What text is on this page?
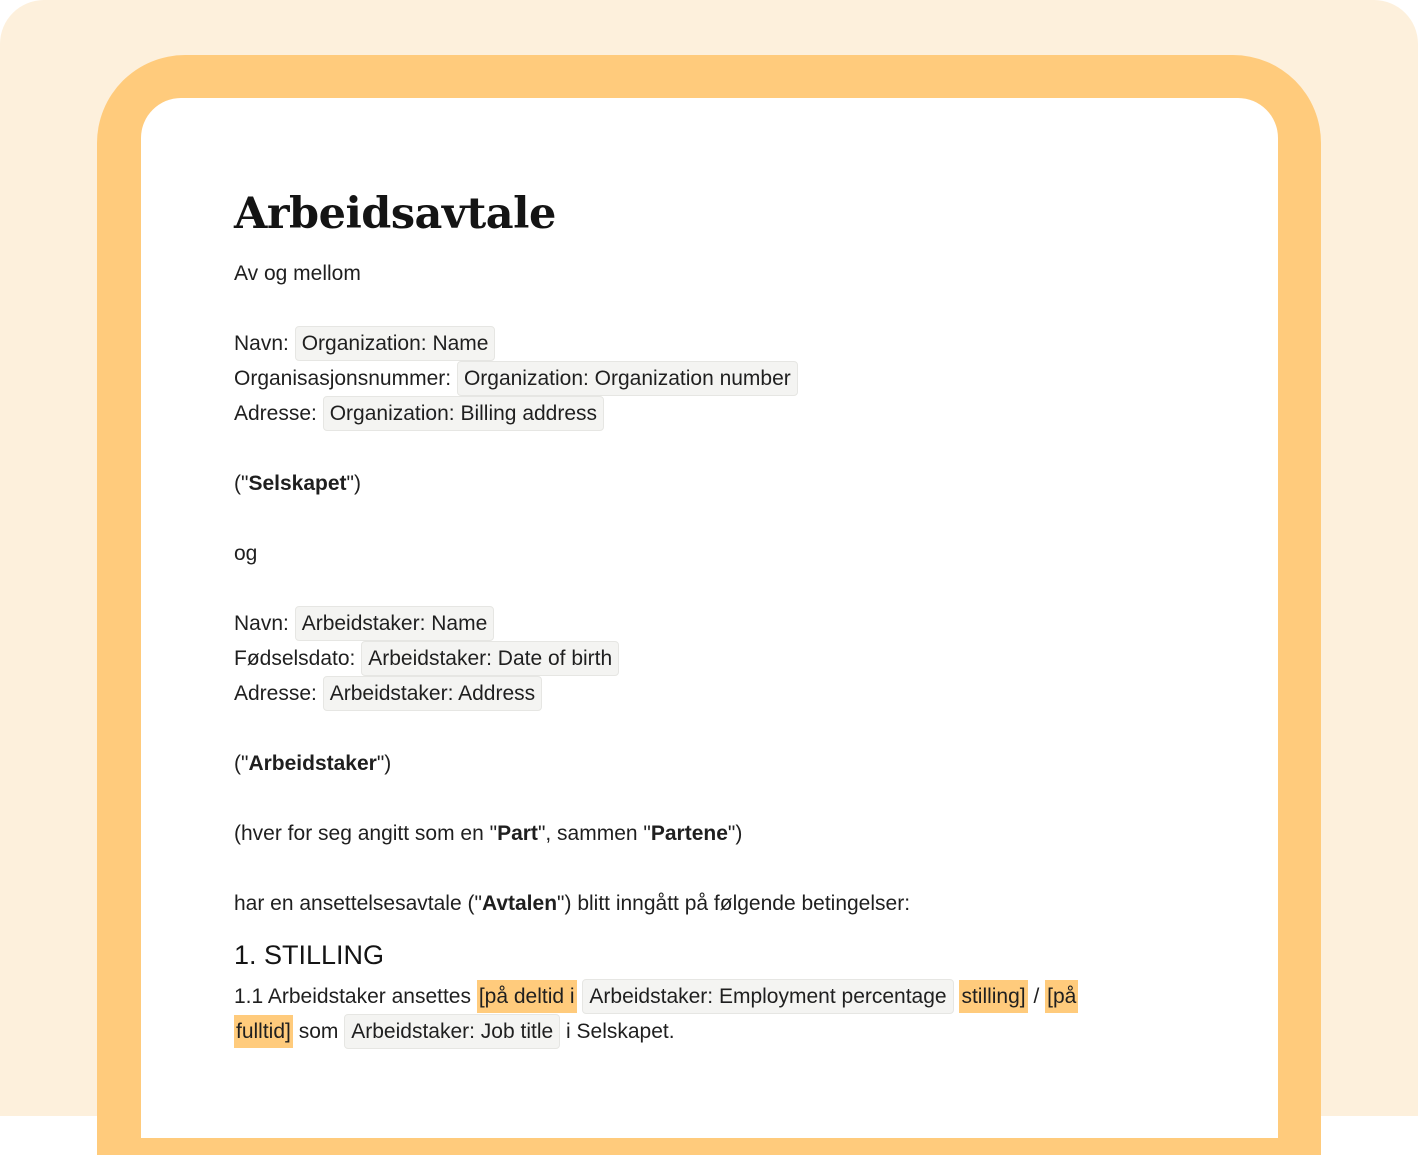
Arbeidsavtale

Av og mellom

Navn: Organization: Name

Organisasjonsnummer: Organization: Organization number

Adresse: Organization: Billing address

("Selskapet")

og

Navn: Arbeidstaker: Name

Fødselsdato: Arbeidstaker: Date of birth

Adresse: Arbeidstaker: Address

("Arbeidstaker")

(hver for seg angitt som en "Part", sammen "Partene")

har en ansettelsesavtale ("Avtalen") blitt inngått på følgende betingelser:

1. STILLING

1.1 Arbeidstaker ansettes [på deltid i Arbeidstaker: Employment percentage stilling] / [på
fulltid] som Arbeidstaker: Job title i Selskapet.
